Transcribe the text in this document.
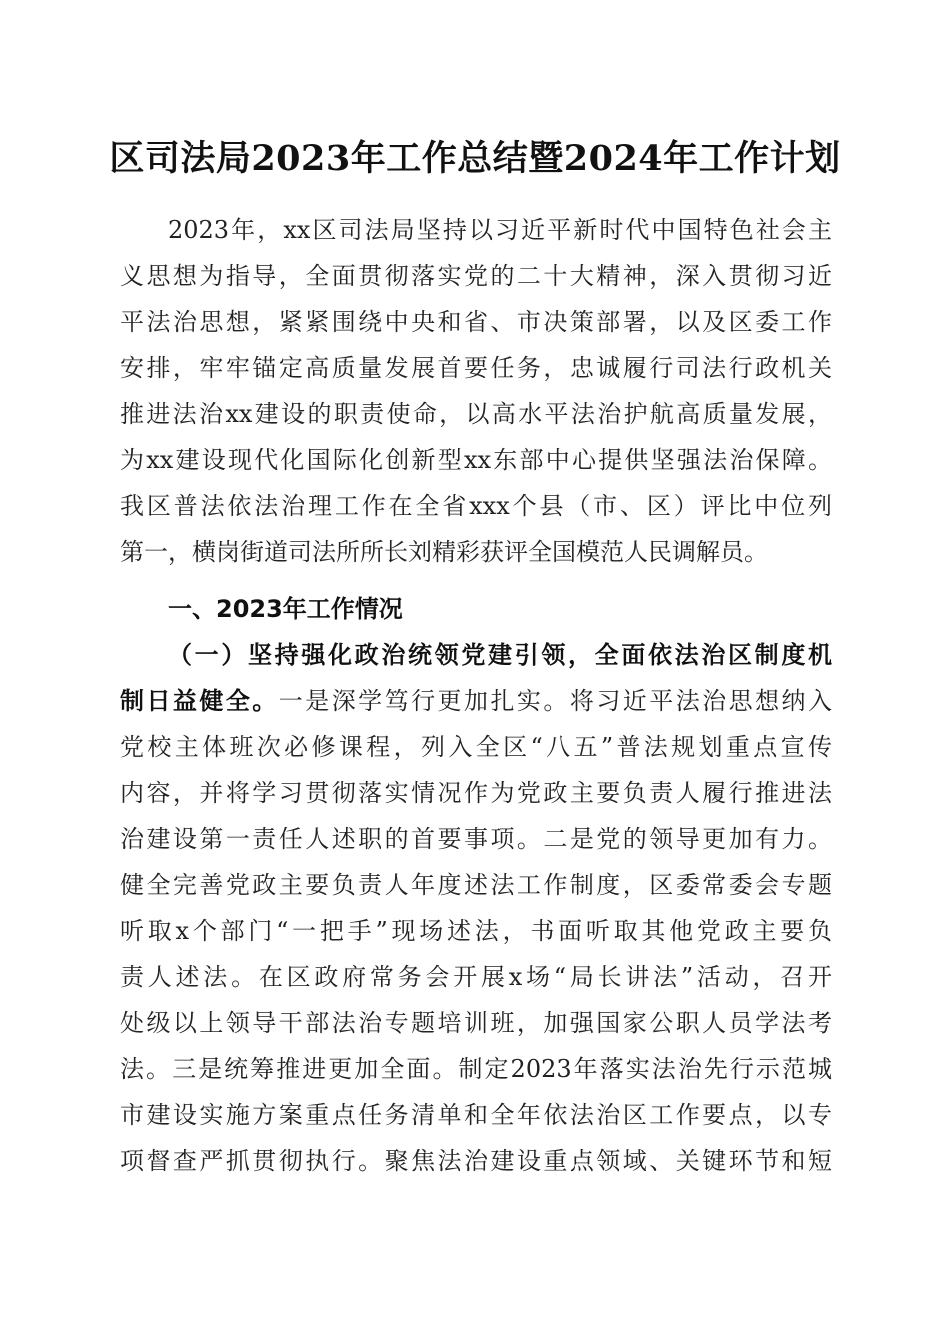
区司法局2023年工作总结暨2024年工作计划
2023年，xx区司法局坚持以习近平新时代中国特色社会主
义思想为指导，全面贯彻落实党的二十大精神，深入贯彻习近
平法治思想，紧紧围绕中央和省、市决策部署，以及区委工作
安排，牢牢锚定高质量发展首要任务，忠诚履行司法行政机关
推进法治xx建设的职责使命，以高水平法治护航高质量发展，
为xx建设现代化国际化创新型xx东部中心提供坚强法治保障。
我区普法依法治理工作在全省xxx个县（市、区）评比中位列
第一，横岗街道司法所所长刘精彩获评全国模范人民调解员。
一、2023年工作情况
（一）坚持强化政治统领党建引领，全面依法治区制度机
制日益健全。一是深学笃行更加扎实。将习近平法治思想纳入
党校主体班次必修课程，列入全区“八五”普法规划重点宣传
内容，并将学习贯彻落实情况作为党政主要负责人履行推进法
治建设第一责任人述职的首要事项。二是党的领导更加有力。
健全完善党政主要负责人年度述法工作制度，区委常委会专题
听取x个部门“一把手”现场述法，书面听取其他党政主要负
责人述法。在区政府常务会开展x场“局长讲法”活动，召开
处级以上领导干部法治专题培训班，加强国家公职人员学法考
法。三是统筹推进更加全面。制定2023年落实法治先行示范城
市建设实施方案重点任务清单和全年依法治区工作要点，以专
项督查严抓贯彻执行。聚焦法治建设重点领域、关键环节和短
